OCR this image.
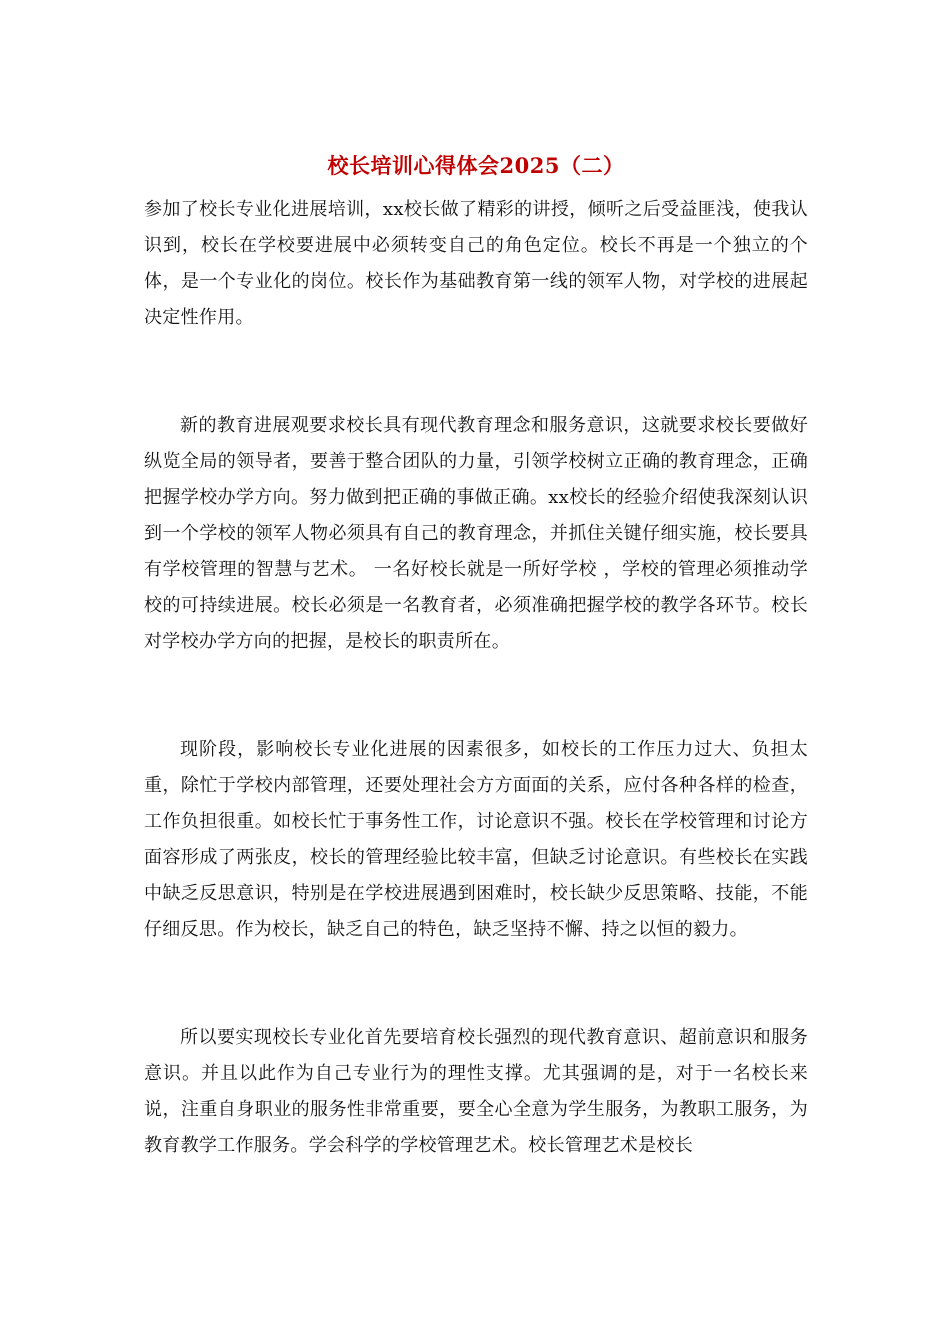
校长培训心得体会2025（二）

参加了校长专业化进展培训，xx校长做了精彩的讲授，倾听之后受益匪浅，使我认识到，校长在学校要进展中必须转变自己的角色定位。校长不再是一个独立的个体，是一个专业化的岗位。校长作为基础教育第一线的领军人物，对学校的进展起决定性作用。

新的教育进展观要求校长具有现代教育理念和服务意识，这就要求校长要做好纵览全局的领导者，要善于整合团队的力量，引领学校树立正确的教育理念，正确把握学校办学方向。努力做到把正确的事做正确。xx校长的经验介绍使我深刻认识到一个学校的领军人物必须具有自己的教育理念，并抓住关键仔细实施，校长要具有学校管理的智慧与艺术。 一名好校长就是一所好学校 ，学校的管理必须推动学校的可持续进展。校长必须是一名教育者，必须准确把握学校的教学各环节。校长对学校办学方向的把握，是校长的职责所在。

现阶段，影响校长专业化进展的因素很多，如校长的工作压力过大、负担太重，除忙于学校内部管理，还要处理社会方方面面的关系，应付各种各样的检查，工作负担很重。如校长忙于事务性工作，讨论意识不强。校长在学校管理和讨论方面容形成了两张皮，校长的管理经验比较丰富，但缺乏讨论意识。有些校长在实践中缺乏反思意识，特别是在学校进展遇到困难时，校长缺少反思策略、技能，不能仔细反思。作为校长，缺乏自己的特色，缺乏坚持不懈、持之以恒的毅力。

所以要实现校长专业化首先要培育校长强烈的现代教育意识、超前意识和服务意识。并且以此作为自己专业行为的理性支撑。尤其强调的是，对于一名校长来说，注重自身职业的服务性非常重要，要全心全意为学生服务，为教职工服务，为教育教学工作服务。学会科学的学校管理艺术。校长管理艺术是校长
